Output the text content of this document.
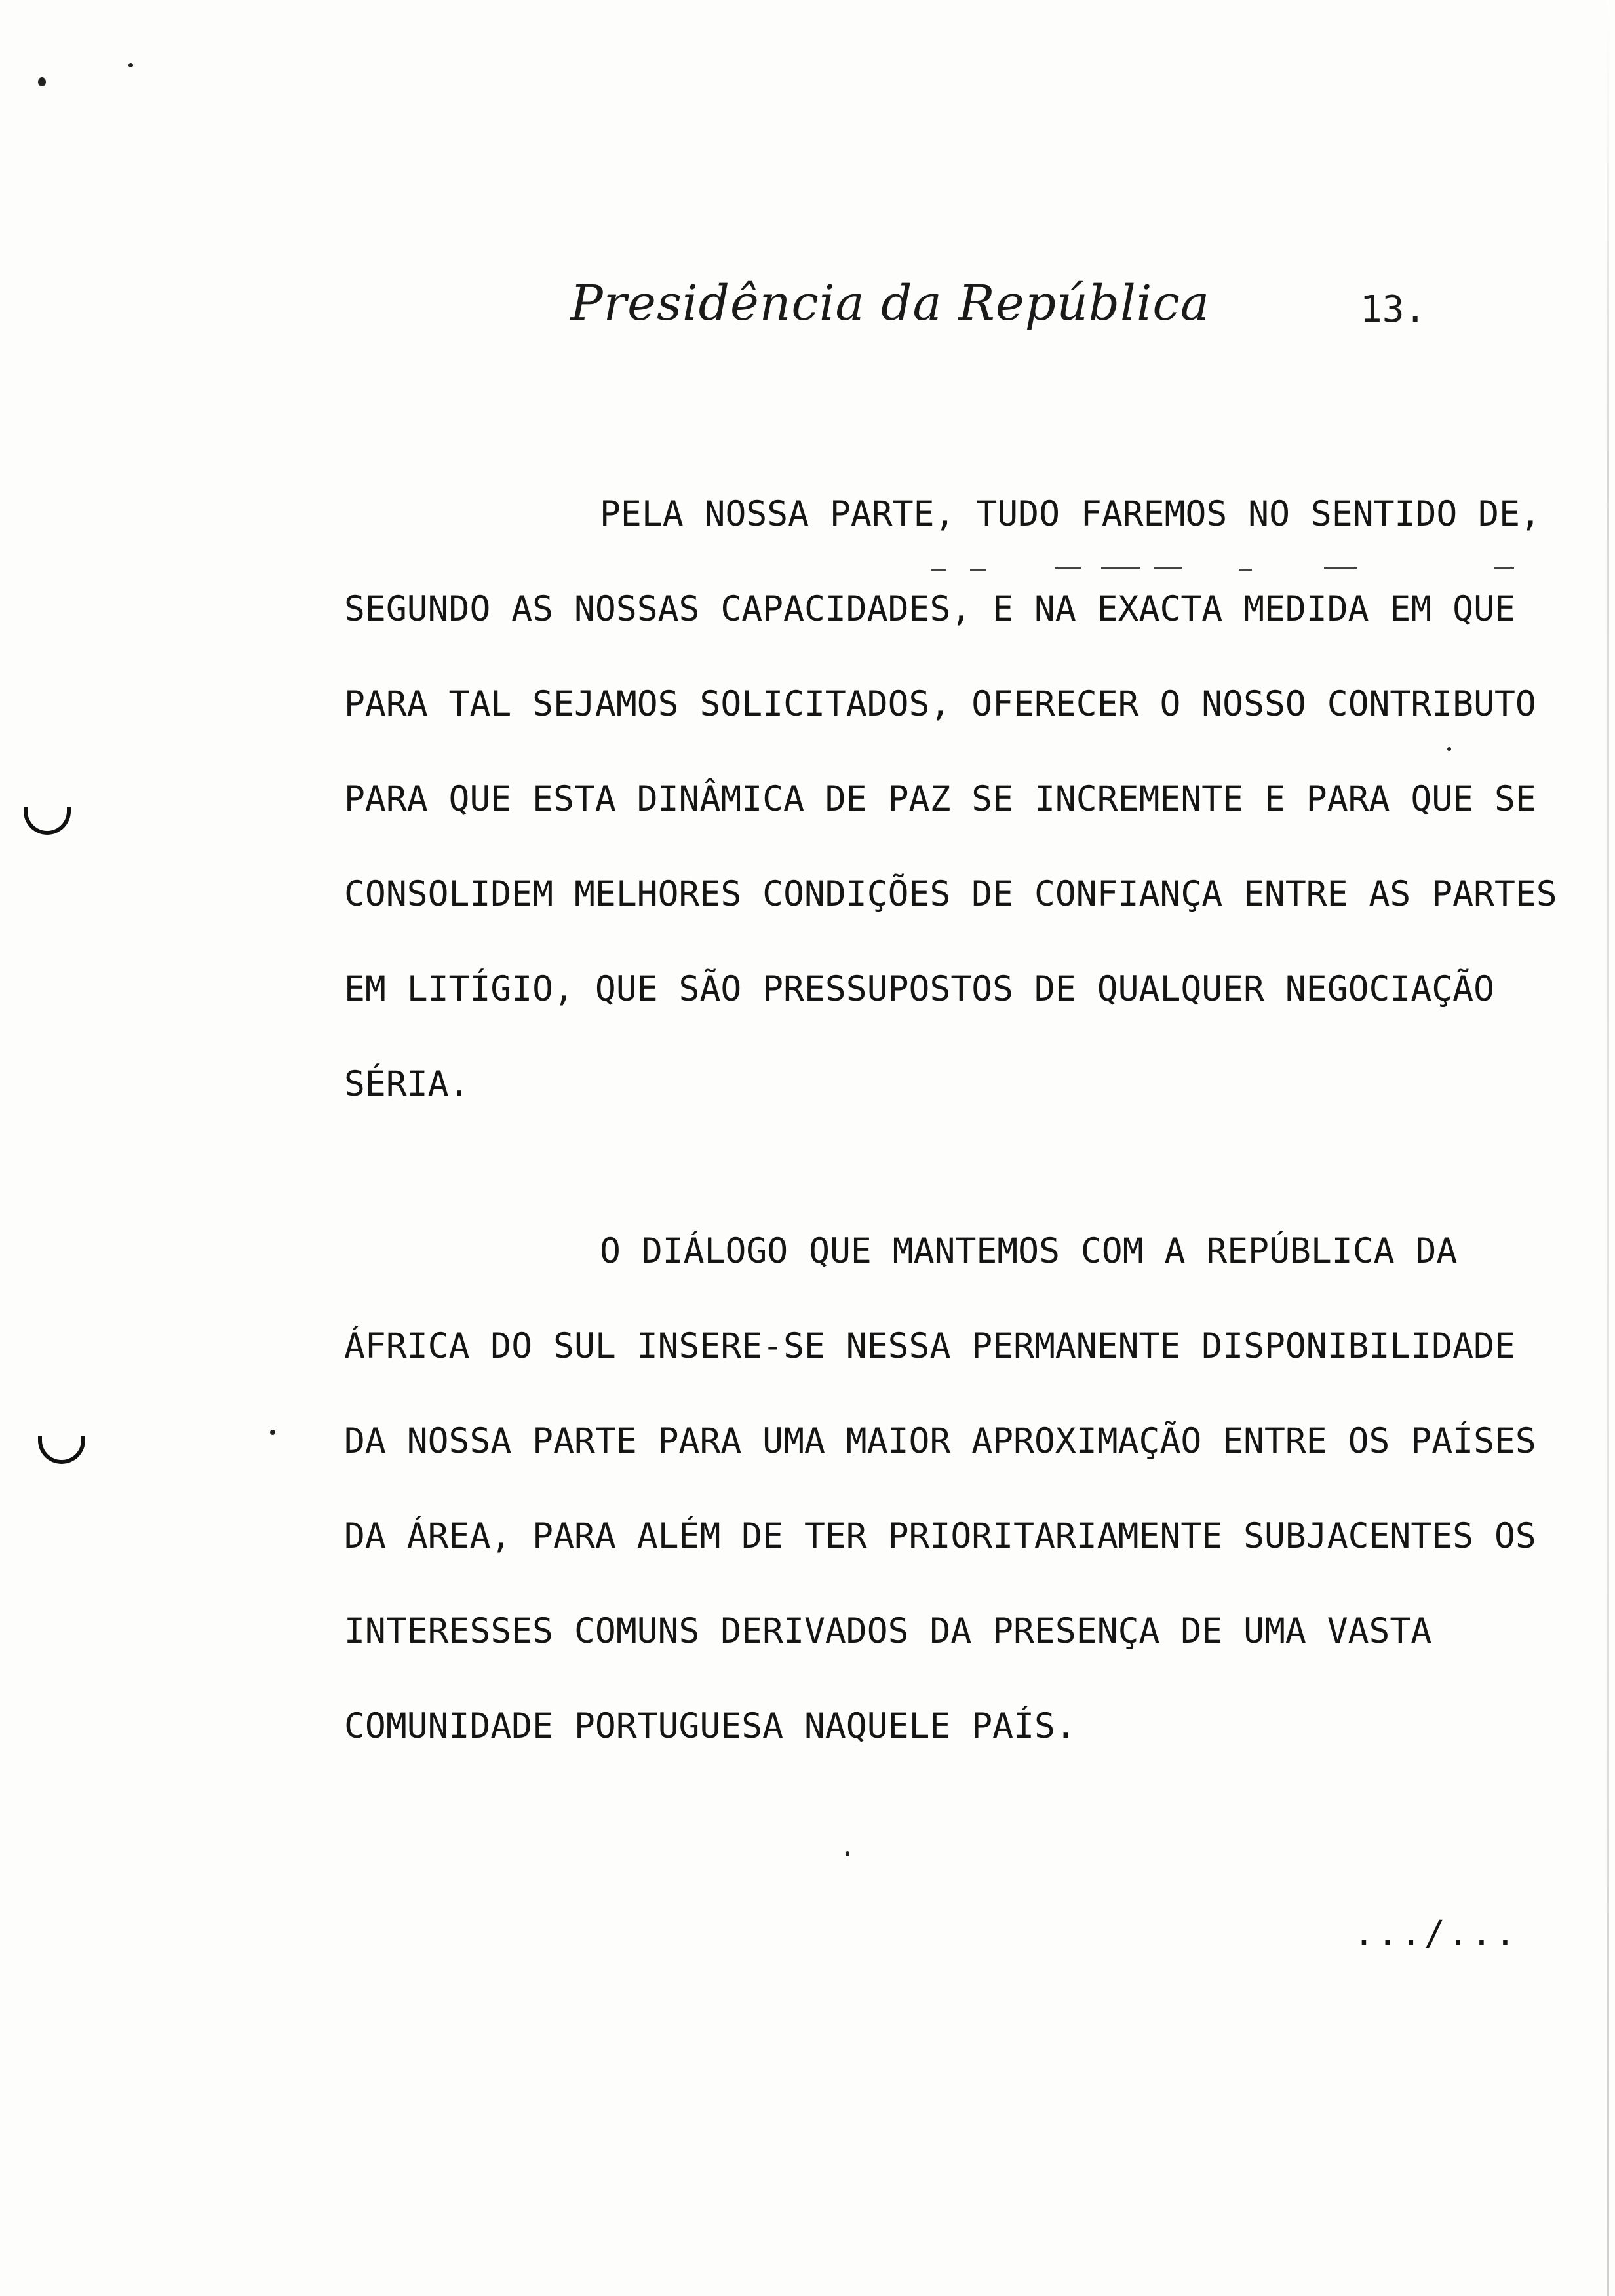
Presidência da República	13.
PELA NOSSA PARTE, TUDO FAREMOS NO SENTIDO DE,
SEGUNDO AS NOSSAS CAPACIDADES, E NA EXACTA MEDIDA EM QUE
PARA TAL SEJAMOS SOLICITADOS, OFERECER O NOSSO CONTRIBUTO
PARA QUE ESTA DINÂMICA DE PAZ SE INCREMENTE E PARA QUE SE
CONSOLIDEM MELHORES CONDIÇÕES DE CONFIANÇA ENTRE AS PARTES
EM LITÍGIO, QUE SÃO PRESSUPOSTOS DE QUALQUER NEGOCIAÇÃO
SÉRIA.
O DIÁLOGO QUE MANTEMOS COM A REPÚBLICA DA
ÁFRICA DO SUL INSERE-SE NESSA PERMANENTE DISPONIBILIDADE
DA NOSSA PARTE PARA UMA MAIOR APROXIMAÇÃO ENTRE OS PAÍSES
DA ÁREA, PARA ALÉM DE TER PRIORITARIAMENTE SUBJACENTES OS
INTERESSES COMUNS DERIVADOS DA PRESENÇA DE UMA VASTA
COMUNIDADE PORTUGUESA NAQUELE PAÍS.
.../...
